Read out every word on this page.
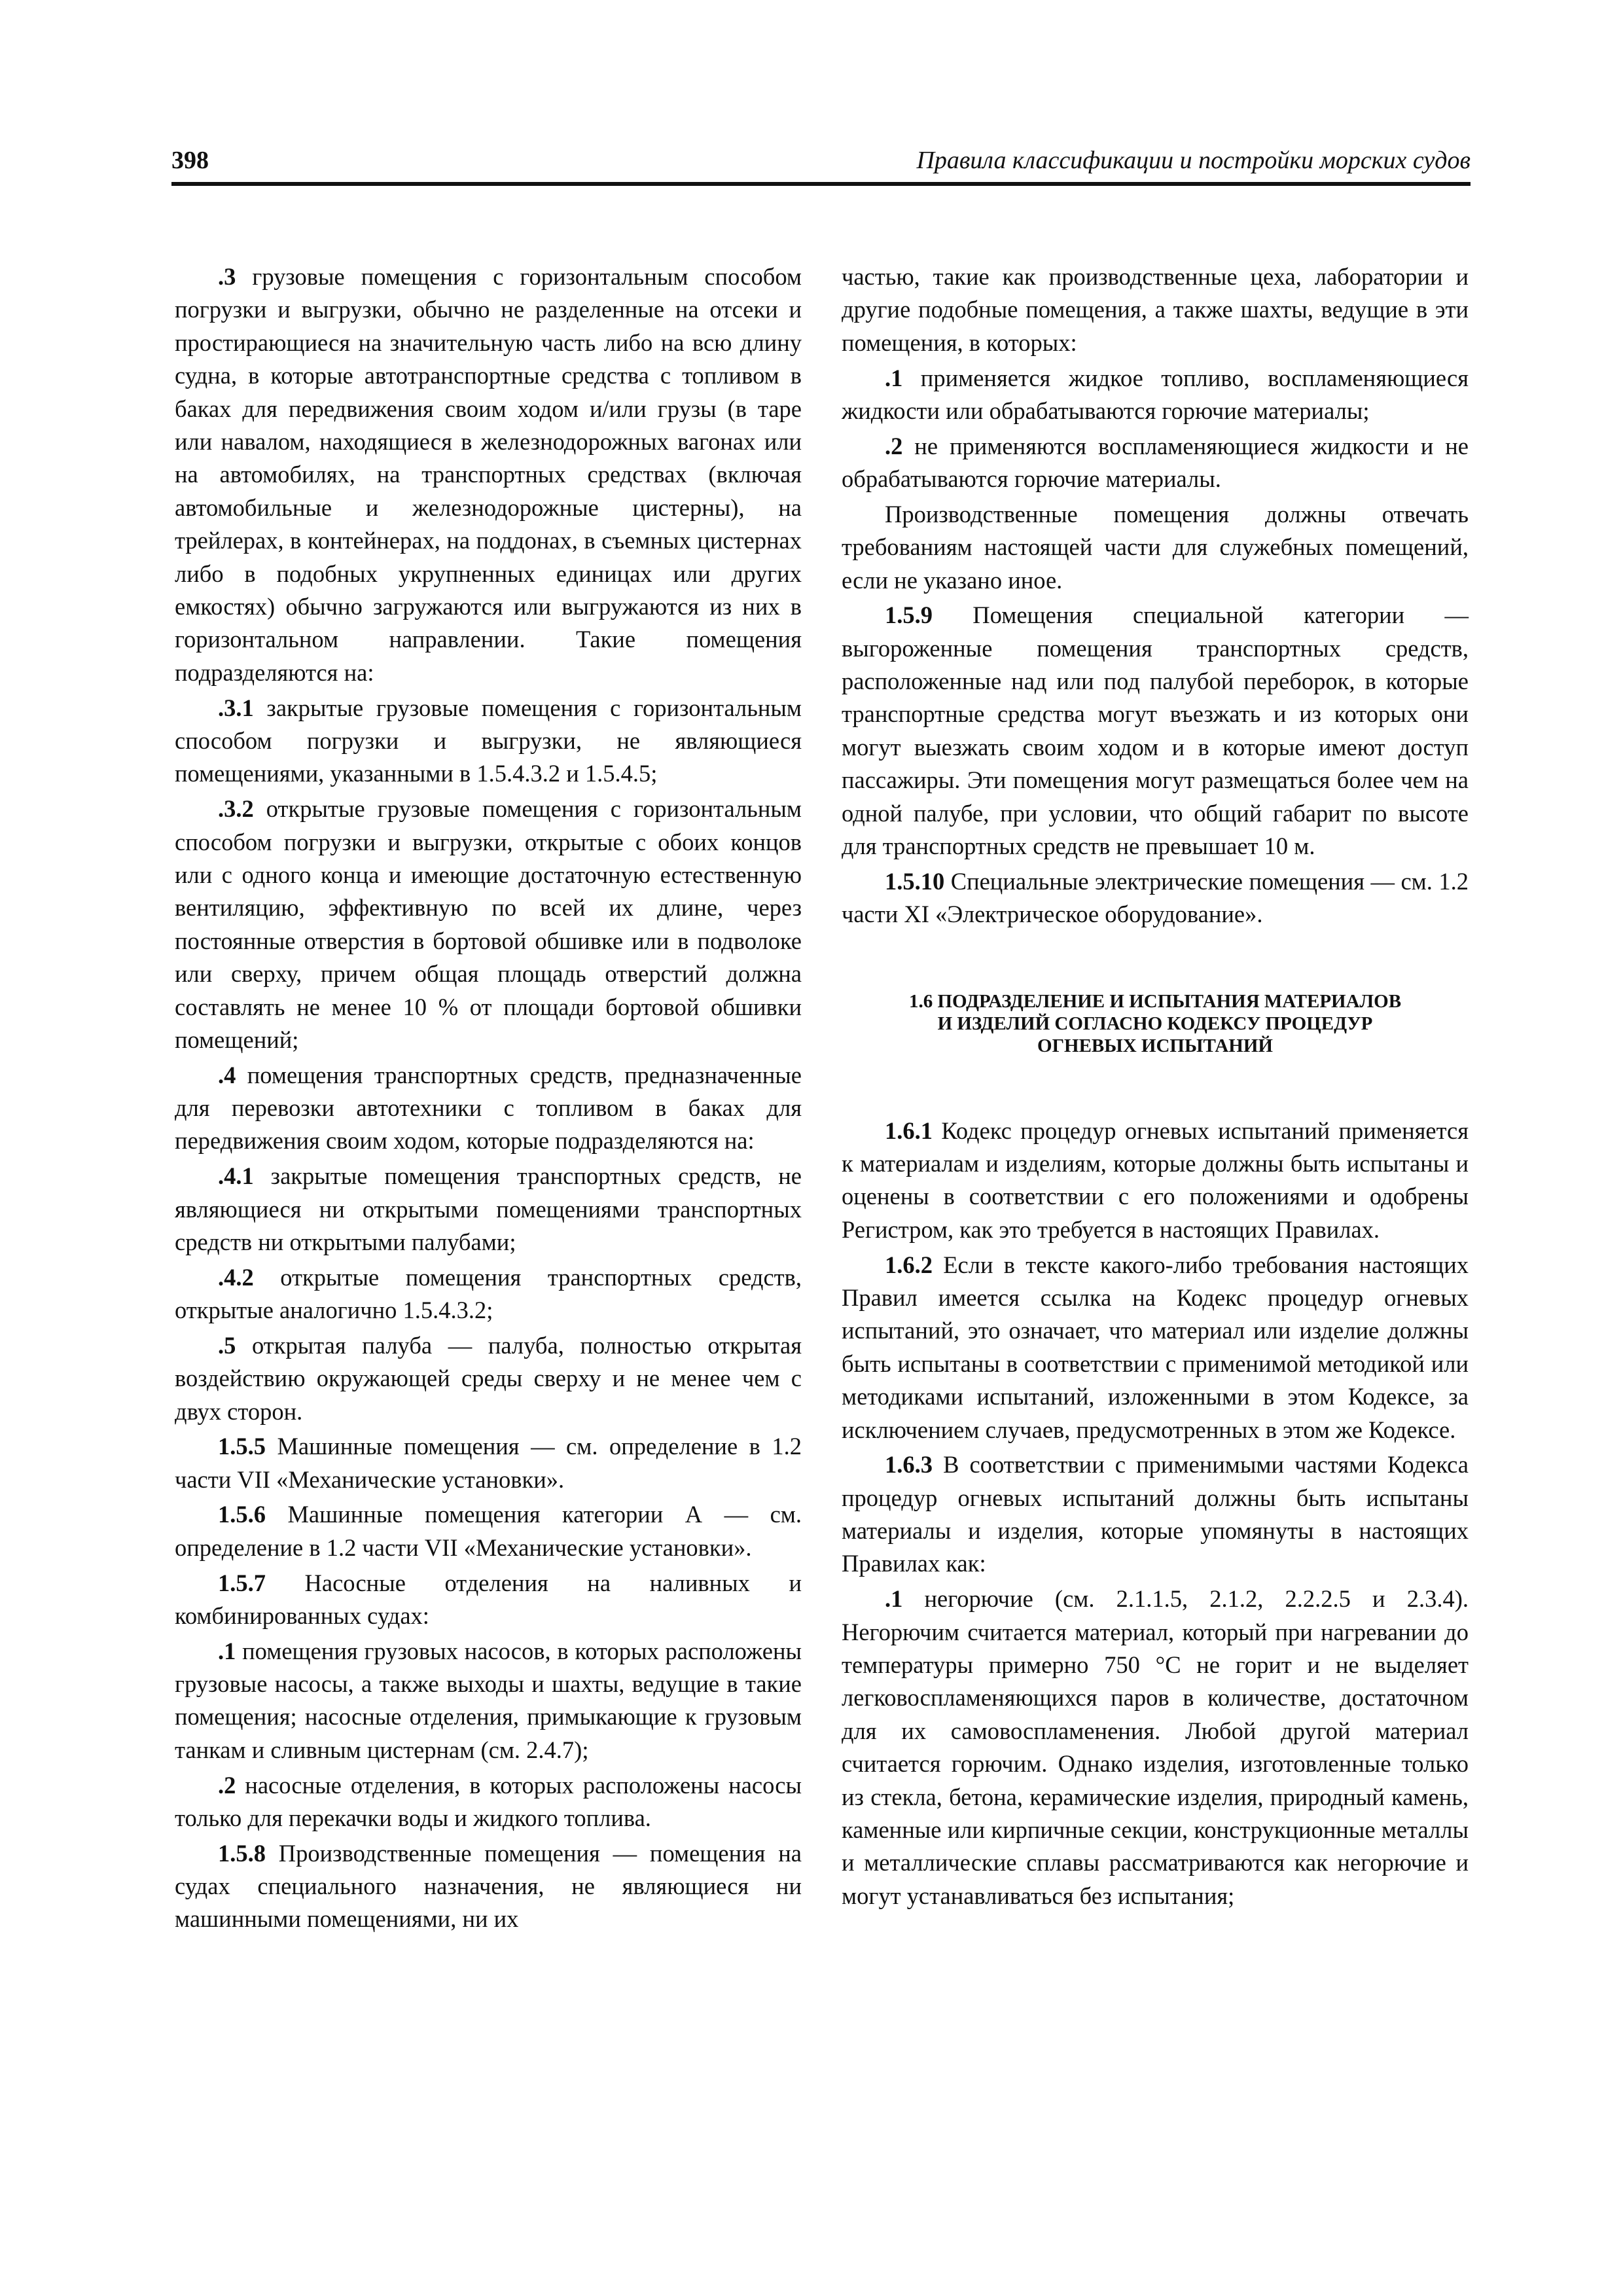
398	Правила классификации и постройки морских судов

.3 грузовые помещения с горизонтальным способом погрузки и выгрузки, обычно не разделенные на отсеки и простирающиеся на значительную часть либо на всю длину судна, в которые автотранспортные средства с топливом в баках для передвижения своим ходом и/или грузы (в таре или навалом, находящиеся в железнодорожных вагонах или на автомобилях, на транспортных средствах (включая автомобильные и железнодорожные цистерны), на трейлерах, в контейнерах, на поддонах, в съемных цистернах либо в подобных укрупненных единицах или других емкостях) обычно загружаются или выгружаются из них в горизонтальном направлении. Такие помещения подразделяются на:

.3.1 закрытые грузовые помещения с горизонтальным способом погрузки и выгрузки, не являющиеся помещениями, указанными в 1.5.4.3.2 и 1.5.4.5;

.3.2 открытые грузовые помещения с горизонтальным способом погрузки и выгрузки, открытые с обоих концов или с одного конца и имеющие достаточную естественную вентиляцию, эффективную по всей их длине, через постоянные отверстия в бортовой обшивке или в подволоке или сверху, причем общая площадь отверстий должна составлять не менее 10 % от площади бортовой обшивки помещений;

.4 помещения транспортных средств, предназначенные для перевозки автотехники с топливом в баках для передвижения своим ходом, которые подразделяются на:

.4.1 закрытые помещения транспортных средств, не являющиеся ни открытыми помещениями транспортных средств ни открытыми палубами;

.4.2 открытые помещения транспортных средств, открытые аналогично 1.5.4.3.2;

.5 открытая палуба — палуба, полностью открытая воздействию окружающей среды сверху и не менее чем с двух сторон.

1.5.5 Машинные помещения — см. определение в 1.2 части VII «Механические установки».

1.5.6 Машинные помещения категории А — см. определение в 1.2 части VII «Механические установки».

1.5.7 Насосные отделения на наливных и комбинированных судах:

.1 помещения грузовых насосов, в которых расположены грузовые насосы, а также выходы и шахты, ведущие в такие помещения; насосные отделения, примыкающие к грузовым танкам и сливным цистернам (см. 2.4.7);

.2 насосные отделения, в которых расположены насосы только для перекачки воды и жидкого топлива.

1.5.8 Производственные помещения — помещения на судах специального назначения, не являющиеся ни машинными помещениями, ни их

частью, такие как производственные цеха, лаборатории и другие подобные помещения, а также шахты, ведущие в эти помещения, в которых:

.1 применяется жидкое топливо, воспламеняющиеся жидкости или обрабатываются горючие материалы;

.2 не применяются воспламеняющиеся жидкости и не обрабатываются горючие материалы.

Производственные помещения должны отвечать требованиям настоящей части для служебных помещений, если не указано иное.

1.5.9 Помещения специальной категории — выгороженные помещения транспортных средств, расположенные над или под палубой переборок, в которые транспортные средства могут въезжать и из которых они могут выезжать своим ходом и в которые имеют доступ пассажиры. Эти помещения могут размещаться более чем на одной палубе, при условии, что общий габарит по высоте для транспортных средств не превышает 10 м.

1.5.10 Специальные электрические помещения — см. 1.2 части XI «Электрическое оборудование».

1.6 ПОДРАЗДЕЛЕНИЕ И ИСПЫТАНИЯ МАТЕРИАЛОВ
И ИЗДЕЛИЙ СОГЛАСНО КОДЕКСУ ПРОЦЕДУР
ОГНЕВЫХ ИСПЫТАНИЙ

1.6.1 Кодекс процедур огневых испытаний применяется к материалам и изделиям, которые должны быть испытаны и оценены в соответствии с его положениями и одобрены Регистром, как это требуется в настоящих Правилах.

1.6.2 Если в тексте какого-либо требования настоящих Правил имеется ссылка на Кодекс процедур огневых испытаний, это означает, что материал или изделие должны быть испытаны в соответствии с применимой методикой или методиками испытаний, изложенными в этом Кодексе, за исключением случаев, предусмотренных в этом же Кодексе.

1.6.3 В соответствии с применимыми частями Кодекса процедур огневых испытаний должны быть испытаны материалы и изделия, которые упомянуты в настоящих Правилах как:

.1 негорючие (см. 2.1.1.5, 2.1.2, 2.2.2.5 и 2.3.4). Негорючим считается материал, который при нагревании до температуры примерно 750 °С не горит и не выделяет легковоспламеняющихся паров в количестве, достаточном для их самовоспламенения. Любой другой материал считается горючим. Однако изделия, изготовленные только из стекла, бетона, керамические изделия, природный камень, каменные или кирпичные секции, конструкционные металлы и металлические сплавы рассматриваются как негорючие и могут устанавливаться без испытания;
